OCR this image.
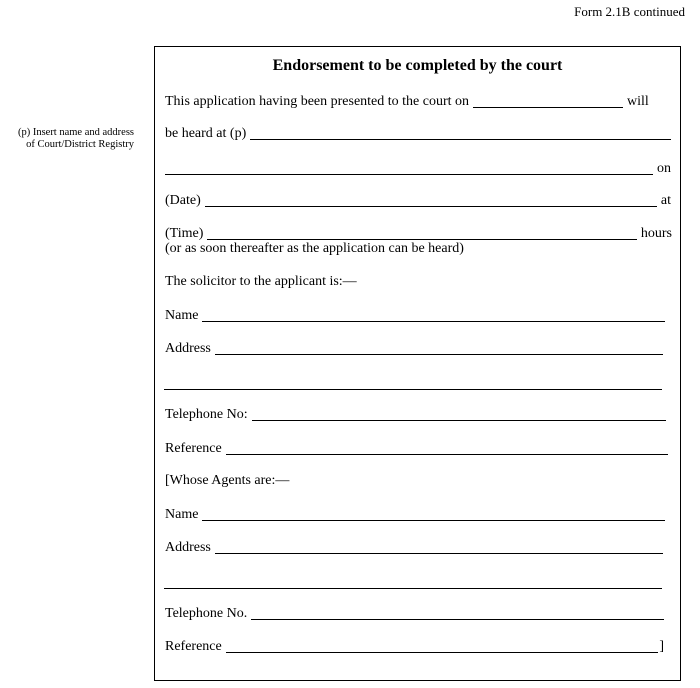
Form 2.1B continued
(p) Insert name and address
of Court/District Registry
Endorsement to be completed by the court
This application having been presented to the court on	will
be heard at (p)
on
(Date)	at
(Time)	hours
(or as soon thereafter as the application can be heard)
The solicitor to the applicant is:—
Name
Address
Telephone No:
Reference
[Whose Agents are:—
Name
Address
Telephone No.
Reference	]
